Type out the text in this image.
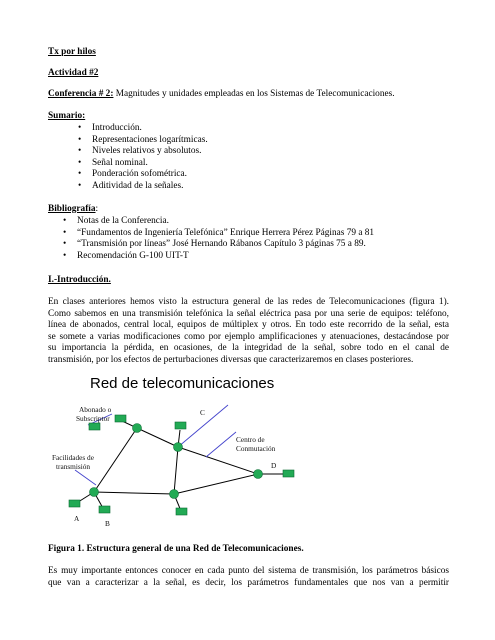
Tx por hilos
Actividad #2
Conferencia # 2: Magnitudes y unidades empleadas en los Sistemas de Telecomunicaciones.
Sumario:
• Introducción.
• Representaciones logarítmicas.
• Niveles relativos y absolutos.
• Señal nominal.
• Ponderación sofométrica.
• Aditividad de la señales.
Bibliografía:
• Notas de la Conferencia.
• “Fundamentos de Ingeniería Telefónica” Enrique Herrera Pérez Páginas 79 a 81
• “Transmisión por líneas” José Hernando Rábanos Capítulo 3 páginas 75 a 89.
• Recomendación G-100 UIT-T
I.-Introducción.
En clases anteriores hemos visto la estructura general de las redes de Telecomunicaciones (figura 1).
Como sabemos en una transmisión telefónica la señal eléctrica pasa por una serie de equipos: teléfono,
línea de abonados, central local, equipos de múltiplex y otros. En todo este recorrido de la señal, esta
se somete a varias modificaciones como por ejemplo amplificaciones y atenuaciones, destacándose por
su importancia la pérdida, en ocasiones, de la integridad de la señal, sobre todo en el canal de
transmisión, por los efectos de perturbaciones diversas que caracterizaremos en clases posteriores.
Red de telecomunicaciones
Abonado o
Subscriptor
C
Centro de
Conmutación
D
Facilidades de
transmisión
A
B
Figura 1. Estructura general de una Red de Telecomunicaciones.
Es muy importante entonces conocer en cada punto del sistema de transmisión, los parámetros básicos
que van a caracterizar a la señal, es decir, los parámetros fundamentales que nos van a permitir
